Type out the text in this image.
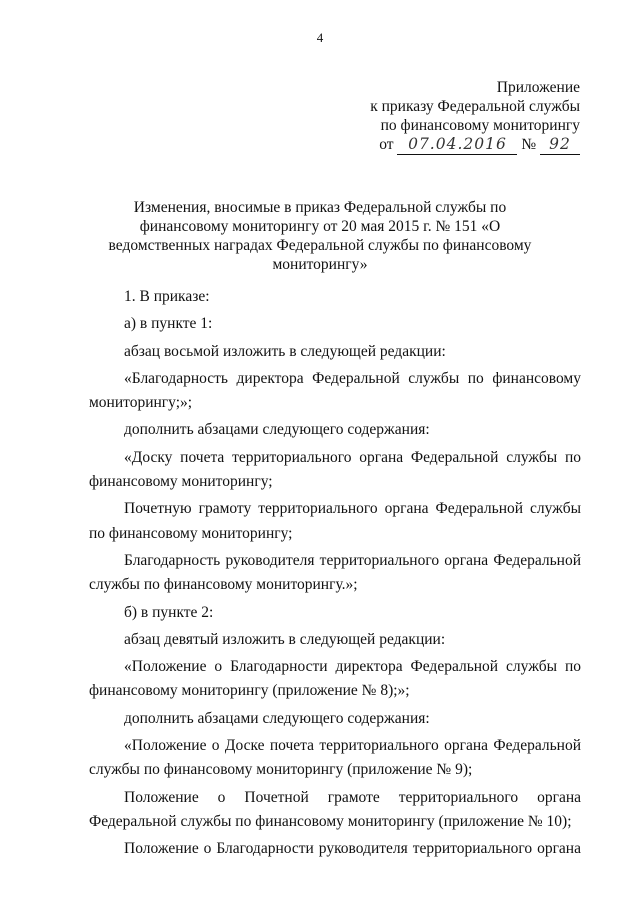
4
Приложение
к приказу Федеральной службы
по финансовому мониторингу
от 07.04.2016 № 92
Изменения, вносимые в приказ Федеральной службы по финансовому мониторингу от 20 мая 2015 г. № 151 «О ведомственных наградах Федеральной службы по финансовому мониторингу»

1. В приказе:

а) в пункте 1:

абзац восьмой изложить в следующей редакции:

«Благодарность директора Федеральной службы по финансовому мониторингу;»;

дополнить абзацами следующего содержания:

«Доску почета территориального органа Федеральной службы по финансовому мониторингу;

Почетную грамоту территориального органа Федеральной службы по финансовому мониторингу;

Благодарность руководителя территориального органа Федеральной службы по финансовому мониторингу.»;

б) в пункте 2:

абзац девятый изложить в следующей редакции:

«Положение о Благодарности директора Федеральной службы по финансовому мониторингу (приложение № 8);»;

дополнить абзацами следующего содержания:

«Положение о Доске почета территориального органа Федеральной службы по финансовому мониторингу (приложение № 9);

Положение о Почетной грамоте территориального органа Федеральной службы по финансовому мониторингу (приложение № 10);

Положение о Благодарности руководителя территориального органа
